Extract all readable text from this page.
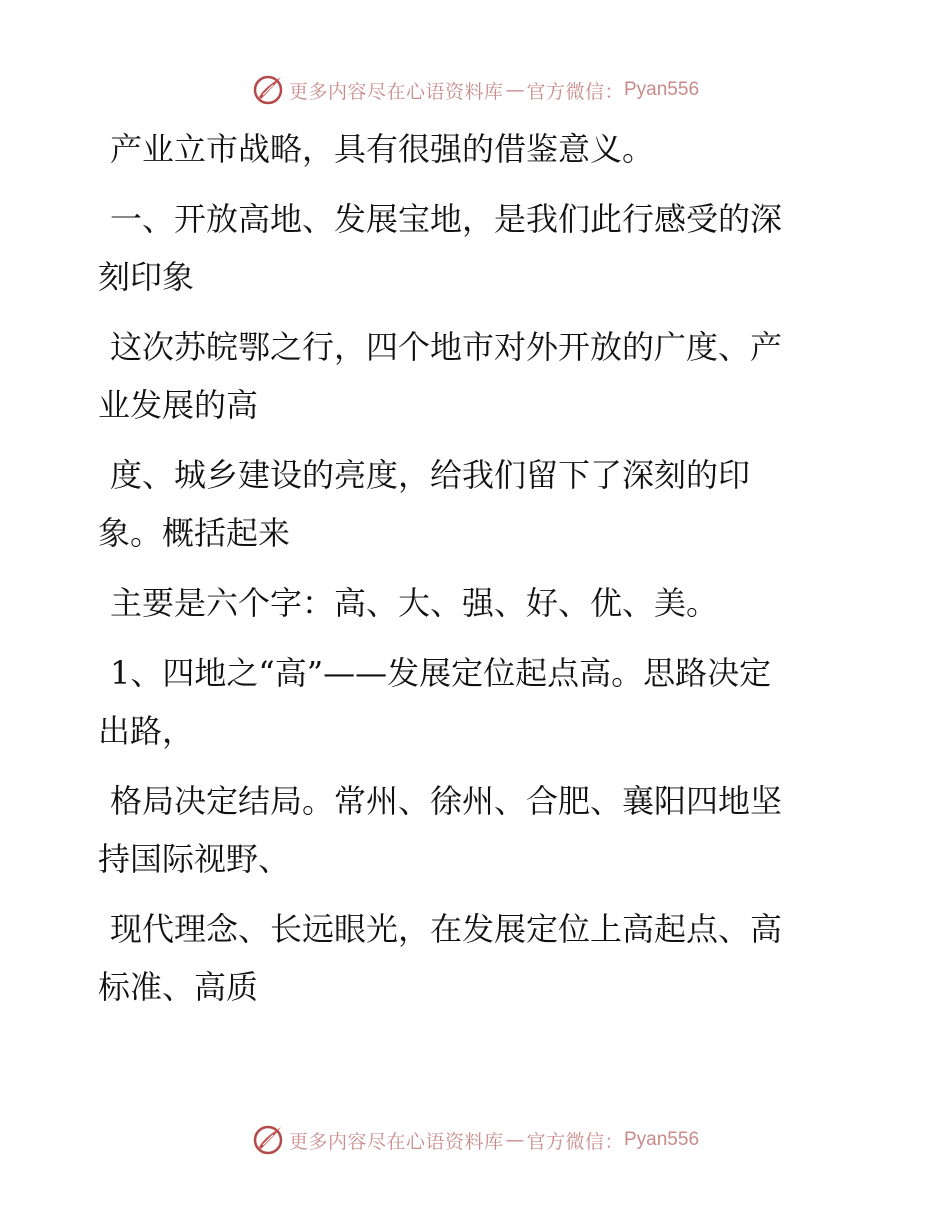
更多内容尽在心语资料库 — 官方微信： Pyan556

产业立市战略，具有很强的借鉴意义。

一、开放高地、发展宝地，是我们此行感受的深
刻印象

这次苏皖鄂之行，四个地市对外开放的广度、产
业发展的高

度、城乡建设的亮度，给我们留下了深刻的印
象。概括起来

主要是六个字：高、大、强、好、优、美。

1、四地之“高”——发展定位起点高。思路决定
出路，

格局决定结局。常州、徐州、合肥、襄阳四地坚
持国际视野、

现代理念、长远眼光，在发展定位上高起点、高
标准、高质

更多内容尽在心语资料库 — 官方微信： Pyan556
